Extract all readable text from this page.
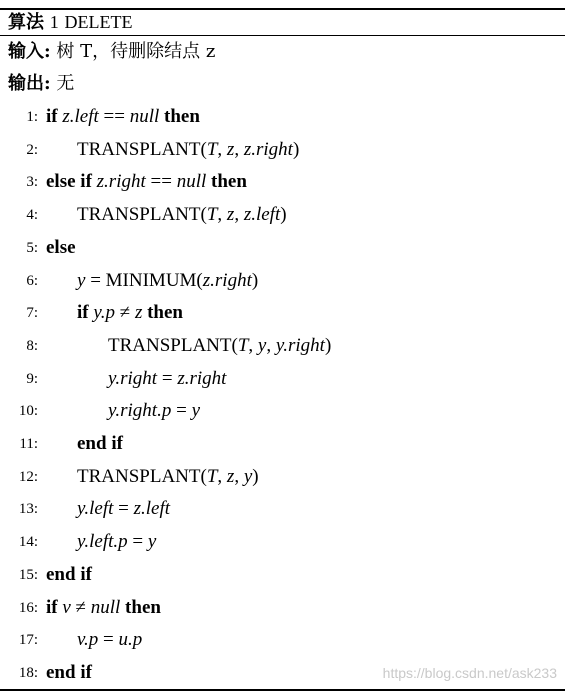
算法 1 DELETE
输入: 树 T，待删除结点 z
输出: 无
1: if z.left == null then
2: TRANSPLANT(T, z, z.right)
3: else if z.right == null then
4: TRANSPLANT(T, z, z.left)
5: else
6: y = MINIMUM(z.right)
7: if y.p ≠ z then
8:	TRANSPLANT(T, y, y.right)
9:	y.right = z.right
10:	y.right.p = y
11: end if
12: TRANSPLANT(T, z, y)
13: y.left = z.left
14: y.left.p = y
15: end if
16: if v ≠ null then
17: v.p = u.p
18: end if	https://blog.csdn.net/ask233
